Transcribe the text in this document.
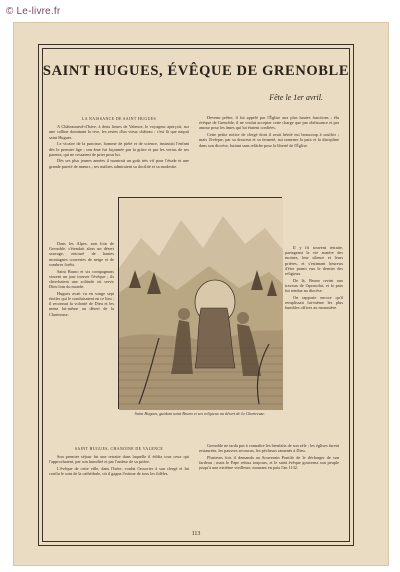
© Le-livre.fr
SAINT HUGUES, ÉVÊQUE DE GRENOBLE
Fête le 1er avril.

LA NAISSANCE DE SAINT HUGUES

A Châteauneuf-d'Isère, à deux lieues de Valence, le voyageur aperçoit, sur une colline dominant la rive, les restes d'un vieux château : c'est là que naquit saint Hugues.

Le vicaire de la paroisse, homme de piété et de science, instruisit l'enfant dès le premier âge ; son âme fut façonnée par la grâce et par les vertus de ses parents, qui ne cessaient de prier pour lui.

Dès ses plus jeunes années il montrait un goût très vif pour l'étude et une grande pureté de mœurs ; ses maîtres admiraient sa docilité et sa modestie.

Devenu prêtre, il fut appelé par l'Église aux plus hautes fonctions ; élu évêque de Grenoble, il ne voulut accepter cette charge que par obéissance et par amour pour les âmes qui lui étaient confiées.

Cette petite notice de clergé dont il avait hérité eut beaucoup à souffrir ; mais l'évêque, par sa douceur et sa fermeté, sut ramener la paix et la discipline dans son diocèse, luttant sans relâche pour la liberté de l'Église.

Dans les Alpes, non loin de Grenoble, s'étendait alors un désert sauvage, entouré de hautes montagnes couvertes de neige et de sombres forêts.

Saint Bruno et six compagnons vinrent un jour trouver l'évêque ; ils cherchaient une solitude où servir Dieu loin du monde.

Hugues avait vu en songe sept étoiles qui le conduisaient en ce lieu ; il reconnut la volonté de Dieu et les mena lui-même au désert de la Chartreuse.

Il y fit souvent retraite, partageant la vie austère des moines, leur silence et leurs prières, et s'estimant heureux d'être parmi eux le dernier des religieux.

De là, Bruno revint aux travaux de l'apostolat, et la paix fut rendue au diocèse.

On rapporte encore qu'il remplissait lui-même les plus humbles offices au monastère.

SAINT HUGUES, CHANOINE DE VALENCE

Son premier séjour fut une retraite dans laquelle il édifia tous ceux qui l'approchaient, par son humilité et par l'ardeur de sa prière.

L'évêque de cette ville, dans l'Isère, voulut l'associer à son clergé et lui confia le soin de la cathédrale, où il gagna l'estime de tous les fidèles.

Grenoble ne tarda pas à connaître les bienfaits de son zèle ; les églises furent restaurées, les pauvres secourus, les pécheurs ramenés à Dieu.

Plusieurs fois il demanda au Souverain Pontife de le décharger de son fardeau ; mais le Pape refusa toujours, et le saint évêque gouverna son peuple jusqu'à une extrême vieillesse, mourant en paix l'an 1132.

Saint Hugues, guidant saint Bruno et ses religieux au désert de la Chartreuse.
113
